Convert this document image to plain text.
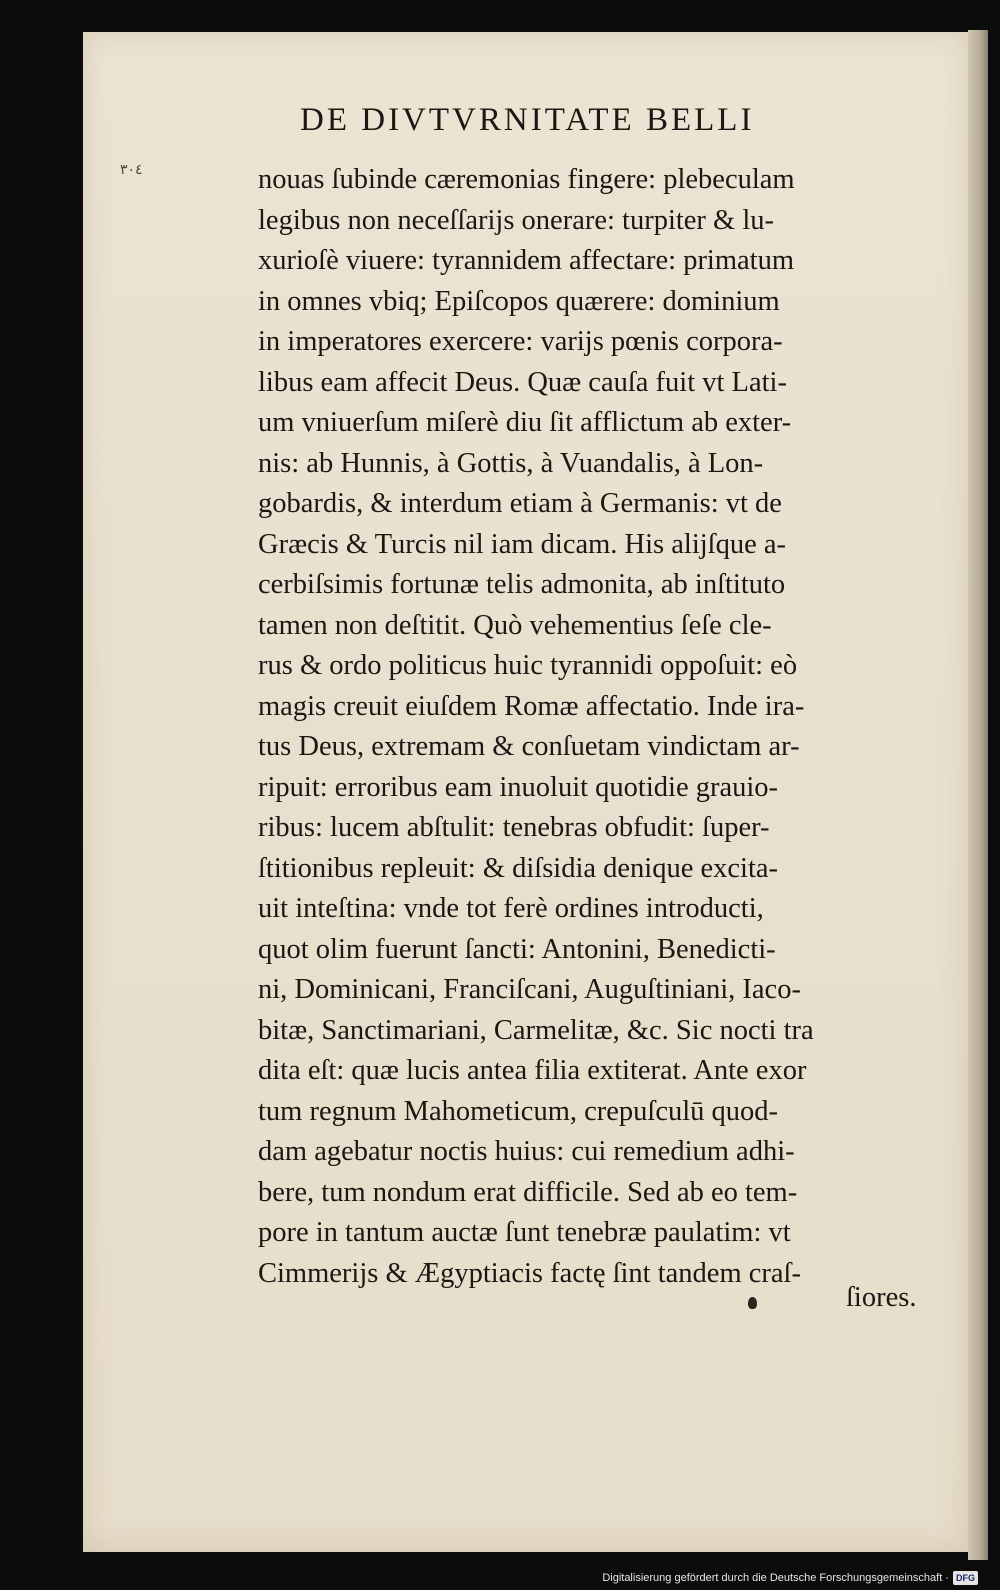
DE DIVTVRNITATE BELLI
٣٠٤	nouas ſubinde cæremonias fingere: plebeculam
legibus non neceſſarijs onerare: turpiter & lu-
xurioſè viuere: tyrannidem affectare: primatum
in omnes vbiq; Epiſcopos quærere: dominium
in imperatores exercere: varijs pœnis corpora-
libus eam affecit Deus. Quæ cauſa fuit vt Lati-
um vniuerſum miſerè diu ſit afflictum ab exter-
nis: ab Hunnis, à Gottis, à Vuandalis, à Lon-
gobardis, & interdum etiam à Germanis: vt de
Græcis & Turcis nil iam dicam. His alijſque a-
cerbiſsimis fortunæ telis admonita, ab inſtituto
tamen non deſtitit. Quò vehementius ſeſe cle-
rus & ordo politicus huic tyrannidi oppoſuit: eò
magis creuit eiuſdem Romæ affectatio. Inde ira-
tus Deus, extremam & conſuetam vindictam ar-
ripuit: erroribus eam inuoluit quotidie grauio-
ribus: lucem abſtulit: tenebras obfudit: ſuper-
ſtitionibus repleuit: & diſsidia denique excita-
uit inteſtina: vnde tot ferè ordines introducti,
quot olim fuerunt ſancti: Antonini, Benedicti-
ni, Dominicani, Franciſcani, Auguſtiniani, Iaco-
bitæ, Sanctimariani, Carmelitæ, &c. Sic nocti tra
dita eſt: quæ lucis antea filia extiterat. Ante exor
tum regnum Mahometicum, crepuſculū quod-
dam agebatur noctis huius: cui remedium adhi-
bere, tum nondum erat difficile. Sed ab eo tem-
pore in tantum auctæ ſunt tenebræ paulatim: vt
Cimmerijs & Ægyptiacis factę ſint tandem craſ-
ſiores.
Digitalisierung gefördert durch die Deutsche Forschungsgemeinschaft · DFG
